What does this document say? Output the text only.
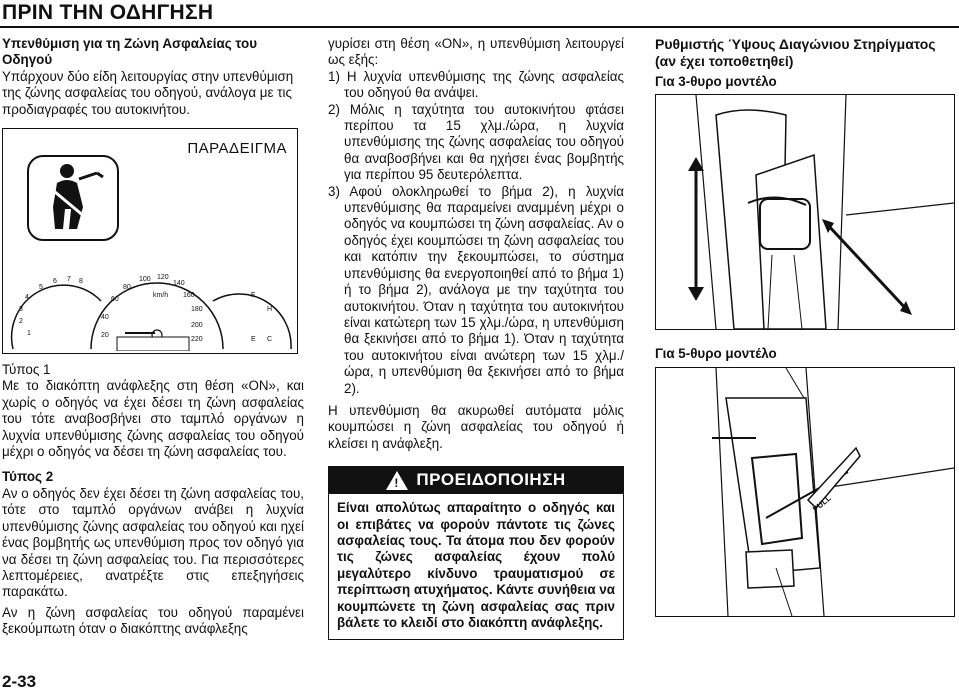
ΠΡΙΝ ΤΗΝ ΟΔΗΓΗΣΗ

Υπενθύμιση για τη Ζώνη Ασφαλείας του Οδηγού

Υπάρχουν δύο είδη λειτουργίας στην υπενθύμιση της ζώνης ασφαλείας του οδηγού, ανάλογα με τις προδιαγραφές του αυτοκινήτου.

ΠΑΡΑΔΕΙΓΜΑ
1
2
3
4
5
6 7 8
20
40
60
80
100 120
140
160
180
200
220
km/h	F
E
H
C

Τύπος 1

Με το διακόπτη ανάφλεξης στη θέση «ON», και χωρίς ο οδηγός να έχει δέσει τη ζώνη ασφαλείας του τότε αναβοσβήνει στο ταμπλό οργάνων η λυχνία υπενθύμισης ζώνης ασφαλείας του οδηγού μέχρι ο οδηγός να δέσει τη ζώνη ασφαλείας του.

Τύπος 2

Αν ο οδηγός δεν έχει δέσει τη ζώνη ασφαλείας του, τότε στο ταμπλό οργάνων ανάβει η λυχνία υπενθύμισης ζώνης ασφαλείας του οδηγού και ηχεί ένας βομβητής ως υπενθύμιση προς τον οδηγό για να δέσει τη ζώνη ασφαλείας του. Για περισσότερες λεπτομέρειες, ανατρέξτε στις επεξηγήσεις παρακάτω.

Αν η ζώνη ασφαλείας του οδηγού παραμένει ξεκούμπωτη όταν ο διακόπτης ανάφλεξης

2-33

γυρίσει στη θέση «ON», η υπενθύμιση λειτουργεί ως εξής:

1) Η λυχνία υπενθύμισης της ζώνης ασφαλείας του οδηγού θα ανάψει.
2) Μόλις η ταχύτητα του αυτοκινήτου φτάσει περίπου τα 15 χλμ./ώρα, η λυχνία υπενθύμισης της ζώνης ασφαλείας του οδηγού θα αναβοσβήνει και θα ηχήσει ένας βομβητής για περίπου 95 δευτερόλεπτα.
3) Αφού ολοκληρωθεί το βήμα 2), η λυχνία υπενθύμισης θα παραμείνει αναμμένη μέχρι ο οδηγός να κουμπώσει τη ζώνη ασφαλείας. Αν ο οδηγός έχει κουμπώσει τη ζώνη ασφαλείας του και κατόπιν την ξεκουμπώσει, το σύστημα υπενθύμισης θα ενεργοποιηθεί από το βήμα 1) ή το βήμα 2), ανάλογα με την ταχύτητα του αυτοκινήτου. Όταν η ταχύτητα του αυτοκινήτου είναι κατώτερη των 15 χλμ./ώρα, η υπενθύμιση θα ξεκινήσει από το βήμα 1). Όταν η ταχύτητα του αυτοκινήτου είναι ανώτερη των 15 χλμ./ώρα, η υπενθύμιση θα ξεκινήσει από το βήμα 2).

Η υπενθύμιση θα ακυρωθεί αυτόματα μόλις κουμπώσει η ζώνη ασφαλείας του οδηγού ή κλείσει η ανάφλεξη.

! ΠΡΟΕΙΔΟΠΟΙΗΣΗ
Είναι απολύτως απαραίτητο ο οδηγός και οι επιβάτες να φορούν πάντοτε τις ζώνες ασφαλείας τους. Τα άτομα που δεν φορούν τις ζώνες ασφαλείας έχουν πολύ μεγαλύτερο κίνδυνο τραυματισμού σε περίπτωση ατυχήματος. Κάντε συνήθεια να κουμπώνετε τη ζώνη ασφαλείας σας πριν βάλετε το κλειδί στο διακόπτη ανάφλεξης.

Ρυθμιστής Ύψους Διαγώνιου Στηρίγματος (αν έχει τοποθετηθεί)

Για 3-θυρο μοντέλο

Για 5-θυρο μοντέλο

PULL
